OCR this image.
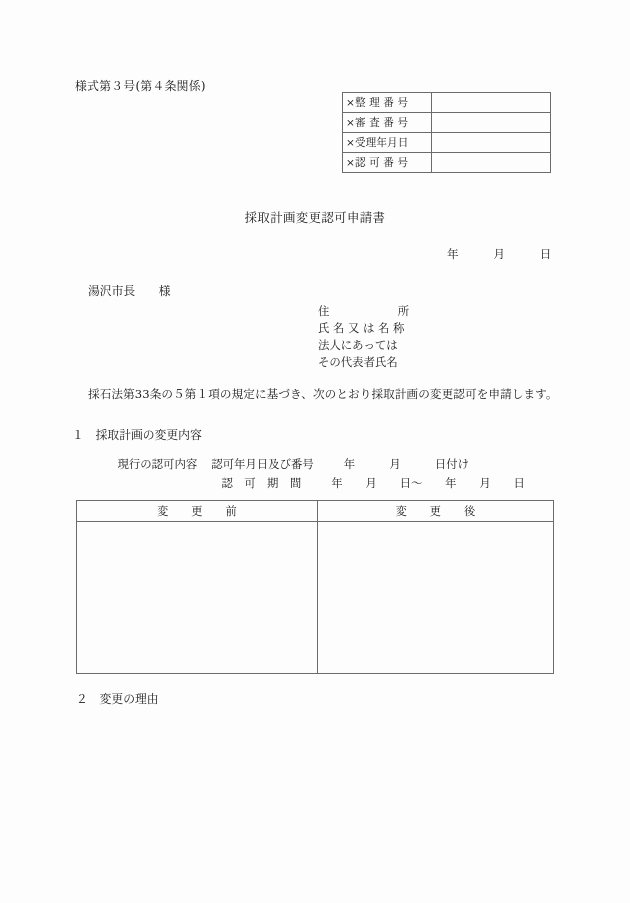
様式第３号(第４条関係)
×整 理 番 号	
×審 査 番 号	
×受理年月日	
×認 可 番 号	
採取計画変更認可申請書
年　　　月　　　日
湯沢市長　　様
住　　　　　　所
氏 名 又 は 名 称
法人にあっては
その代表者氏名
採石法第33条の５第１項の規定に基づき、次のとおり採取計画の変更認可を申請します。
１　採取計画の変更内容

現行の認可内容 認可年月日及び番号	年　　　月　　　日付け

認　可　期　間	年　　月　　日〜　　年　　月　　日

変　　更　　前	変　　更　　後

２　変更の理由
